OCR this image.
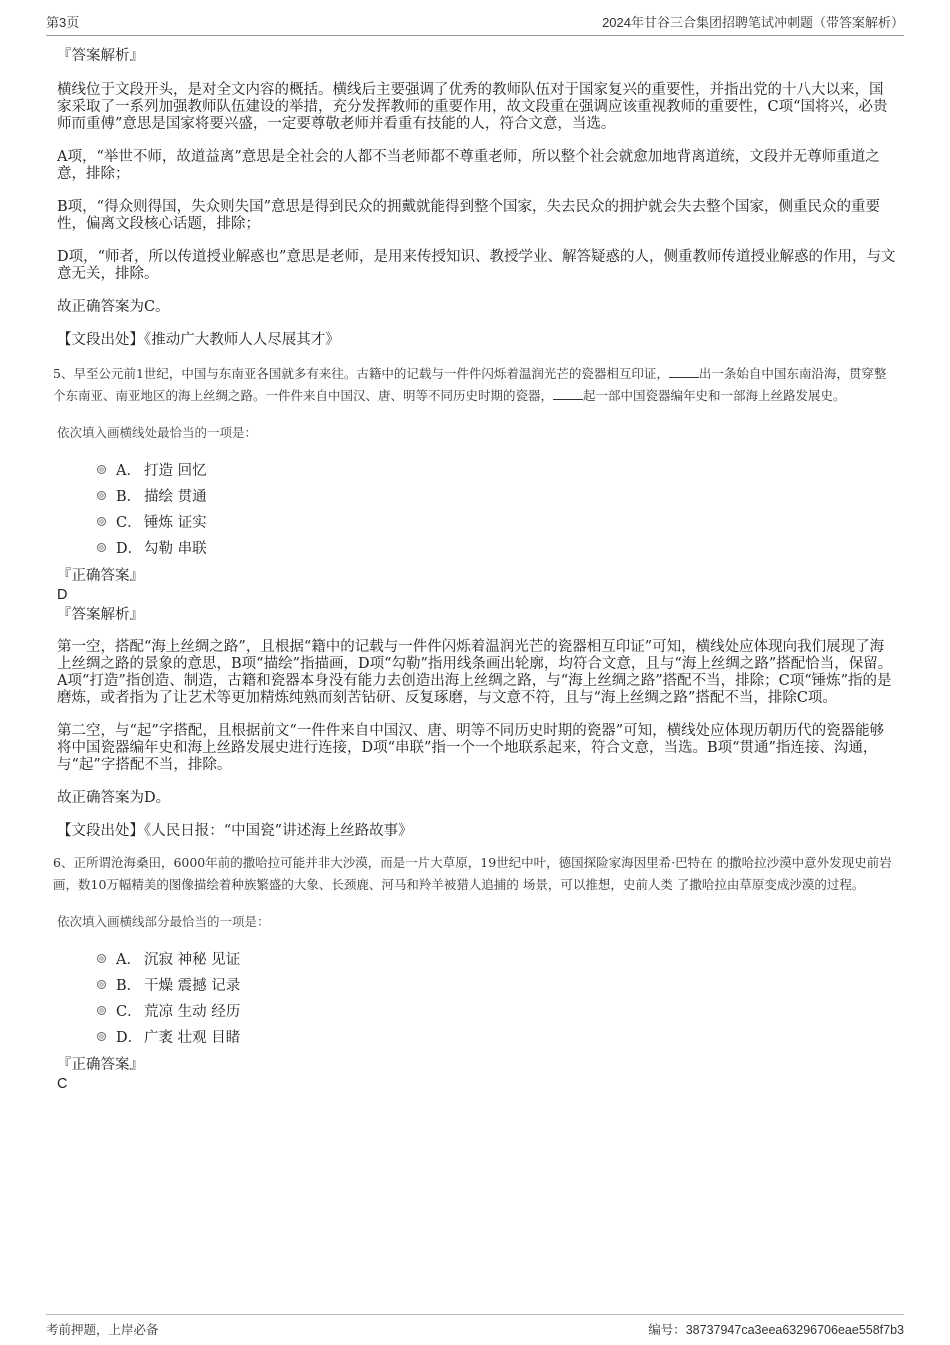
第3页	2024年甘谷三合集团招聘笔试冲刺题（带答案解析）
『答案解析』

横线位于文段开头，是对全文内容的概括。横线后主要强调了优秀的教师队伍对于国家复兴的重要性，并指出党的十八大以来，国家采取了一系列加强教师队伍建设的举措，充分发挥教师的重要作用，故文段重在强调应该重视教师的重要性，C项“国将兴，必贵师而重傅”意思是国家将要兴盛，一定要尊敬老师并看重有技能的人，符合文意，当选。

A项，“举世不师，故道益离”意思是全社会的人都不当老师都不尊重老师，所以整个社会就愈加地背离道统，文段并无尊师重道之意，排除；

B项，“得众则得国，失众则失国”意思是得到民众的拥戴就能得到整个国家，失去民众的拥护就会失去整个国家，侧重民众的重要性，偏离文段核心话题，排除；

D项，“师者，所以传道授业解惑也”意思是老师，是用来传授知识、教授学业、解答疑惑的人，侧重教师传道授业解惑的作用，与文意无关，排除。

故正确答案为C。

【文段出处】《推动广大教师人人尽展其才》

5、早至公元前1世纪，中国与东南亚各国就多有来往。古籍中的记载与一件件闪烁着温润光芒的瓷器相互印证， 出一条始自中国东南沿海，贯穿整个东南亚、南亚地区的海上丝绸之路。一件件来自中国汉、唐、明等不同历史时期的瓷器， 起一部中国瓷器编年史和一部海上丝路发展史。

依次填入画横线处最恰当的一项是：

A． 打造 回忆
B． 描绘 贯通
C． 锤炼 证实
D． 勾勒 串联
『正确答案』
D
『答案解析』

第一空，搭配“海上丝绸之路”，且根据“籍中的记载与一件件闪烁着温润光芒的瓷器相互印证”可知，横线处应体现向我们展现了海上丝绸之路的景象的意思，B项“描绘”指描画，D项“勾勒”指用线条画出轮廓，均符合文意，且与“海上丝绸之路”搭配恰当，保留。A项“打造”指创造、制造，古籍和瓷器本身没有能力去创造出海上丝绸之路，与“海上丝绸之路”搭配不当，排除；C项“锤炼”指的是磨炼，或者指为了让艺术等更加精炼纯熟而刻苦钻研、反复琢磨，与文意不符，且与“海上丝绸之路”搭配不当，排除C项。

第二空，与“起”字搭配，且根据前文“一件件来自中国汉、唐、明等不同历史时期的瓷器”可知，横线处应体现历朝历代的瓷器能够将中国瓷器编年史和海上丝路发展史进行连接，D项“串联”指一个一个地联系起来，符合文意，当选。B项“贯通”指连接、沟通，与“起”字搭配不当，排除。

故正确答案为D。

【文段出处】《人民日报：“中国瓷”讲述海上丝路故事》

6、正所谓沧海桑田，6000年前的撒哈拉可能并非大沙漠，而是一片大草原，19世纪中叶，德国探险家海因里希·巴特在 的撒哈拉沙漠中意外发现史前岩画，数10万幅精美的图像描绘着种族繁盛的大象、长颈鹿、河马和羚羊被猎人追捕的 场景，可以推想，史前人类 了撒哈拉由草原变成沙漠的过程。

依次填入画横线部分最恰当的一项是：

A． 沉寂 神秘 见证
B． 干燥 震撼 记录
C． 荒凉 生动 经历
D． 广袤 壮观 目睹
『正确答案』
C
考前押题，上岸必备	编号：38737947ca3eea63296706eae558f7b3
